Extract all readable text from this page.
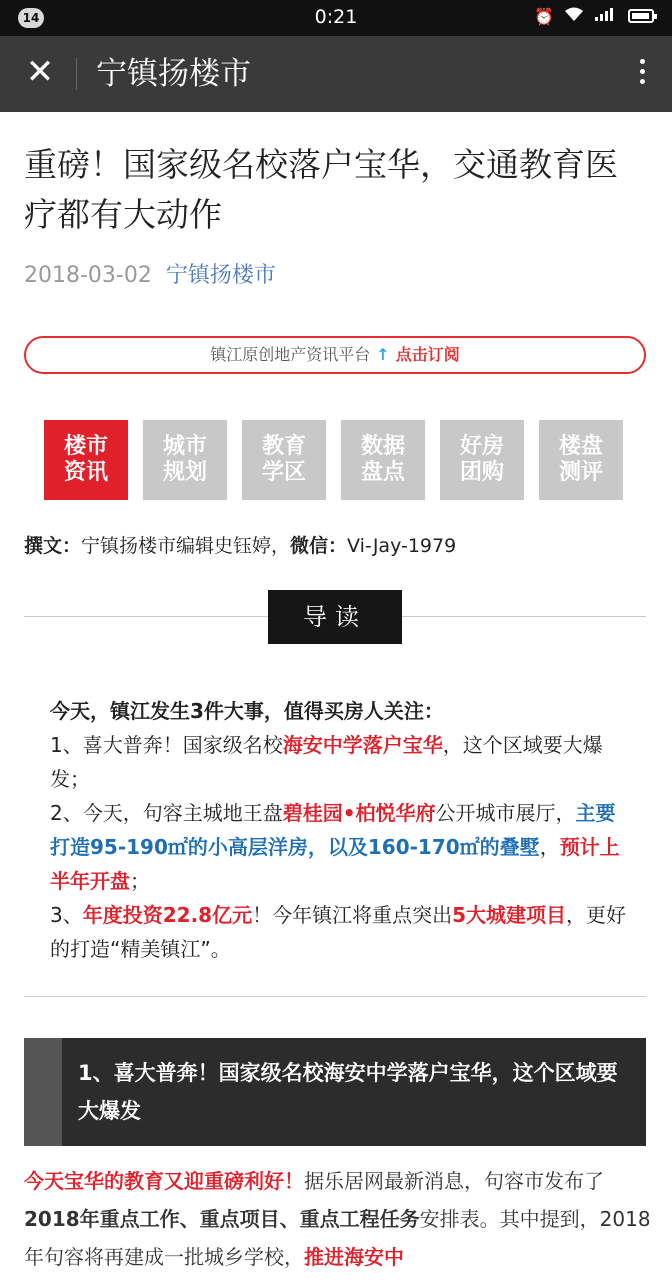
14	0:21	⏰
✕ 宁镇扬楼市
重磅！国家级名校落户宝华，交通教育医疗都有大动作
2018-03-02 宁镇扬楼市
镇江原创地产资讯平台 ↑ 点击订阅
楼市
资讯
城市
规划
教育
学区
数据
盘点
好房
团购
楼盘
测评
撰文：宁镇扬楼市编辑史钰婷，微信：Vi-Jay-1979
导读

今天，镇江发生3件大事，值得买房人关注：

1、喜大普奔！国家级名校海安中学落户宝华，这个区域要大爆发；

2、今天，句容主城地王盘碧桂园•柏悦华府公开城市展厅，主要打造95-190㎡的小高层洋房，以及160-170㎡的叠墅，预计上半年开盘；

3、年度投资22.8亿元！今年镇江将重点突出5大城建项目，更好的打造“精美镇江”。

1、喜大普奔！国家级名校海安中学落户宝华，这个区域要大爆发

今天宝华的教育又迎重磅利好！据乐居网最新消息，句容市发布了2018年重点工作、重点项目、重点工程任务安排表。其中提到，2018年句容将再建成一批城乡学校，推进海安中
